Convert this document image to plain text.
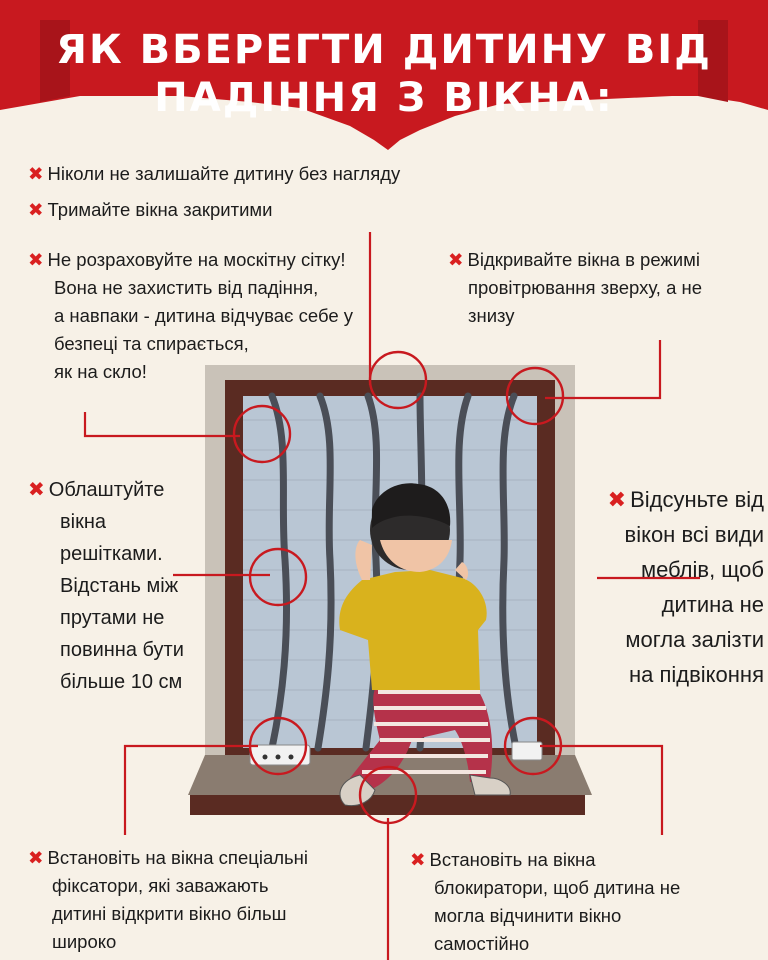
ЯК ВБЕРЕГТИ ДИТИНУ ВІД
ПАДІННЯ З ВІКНА:
✖ Ніколи не залишайте дитину без нагляду
✖ Тримайте вікна закритими
✖ Не розраховуйте на москітну сітку!
Вона не захистить від падіння,
а навпаки - дитина відчуває себе у
безпеці та спирається,
як на скло!
✖ Відкривайте вікна в режимі
провітрювання зверху, а не
знизу
✖ Облаштуйте
вікна
решітками.
Відстань між
прутами не
повинна бути
більше 10 см
✖ Відсуньте від
вікон всі види
меблів, щоб
дитина не
могла залізти
на підвіконня
✖ Встановіть на вікна спеціальні
фіксатори, які заважають
дитині відкрити вікно більш
широко
✖ Встановіть на вікна
блокиратори, щоб дитина не
могла відчинити вікно
самостійно
